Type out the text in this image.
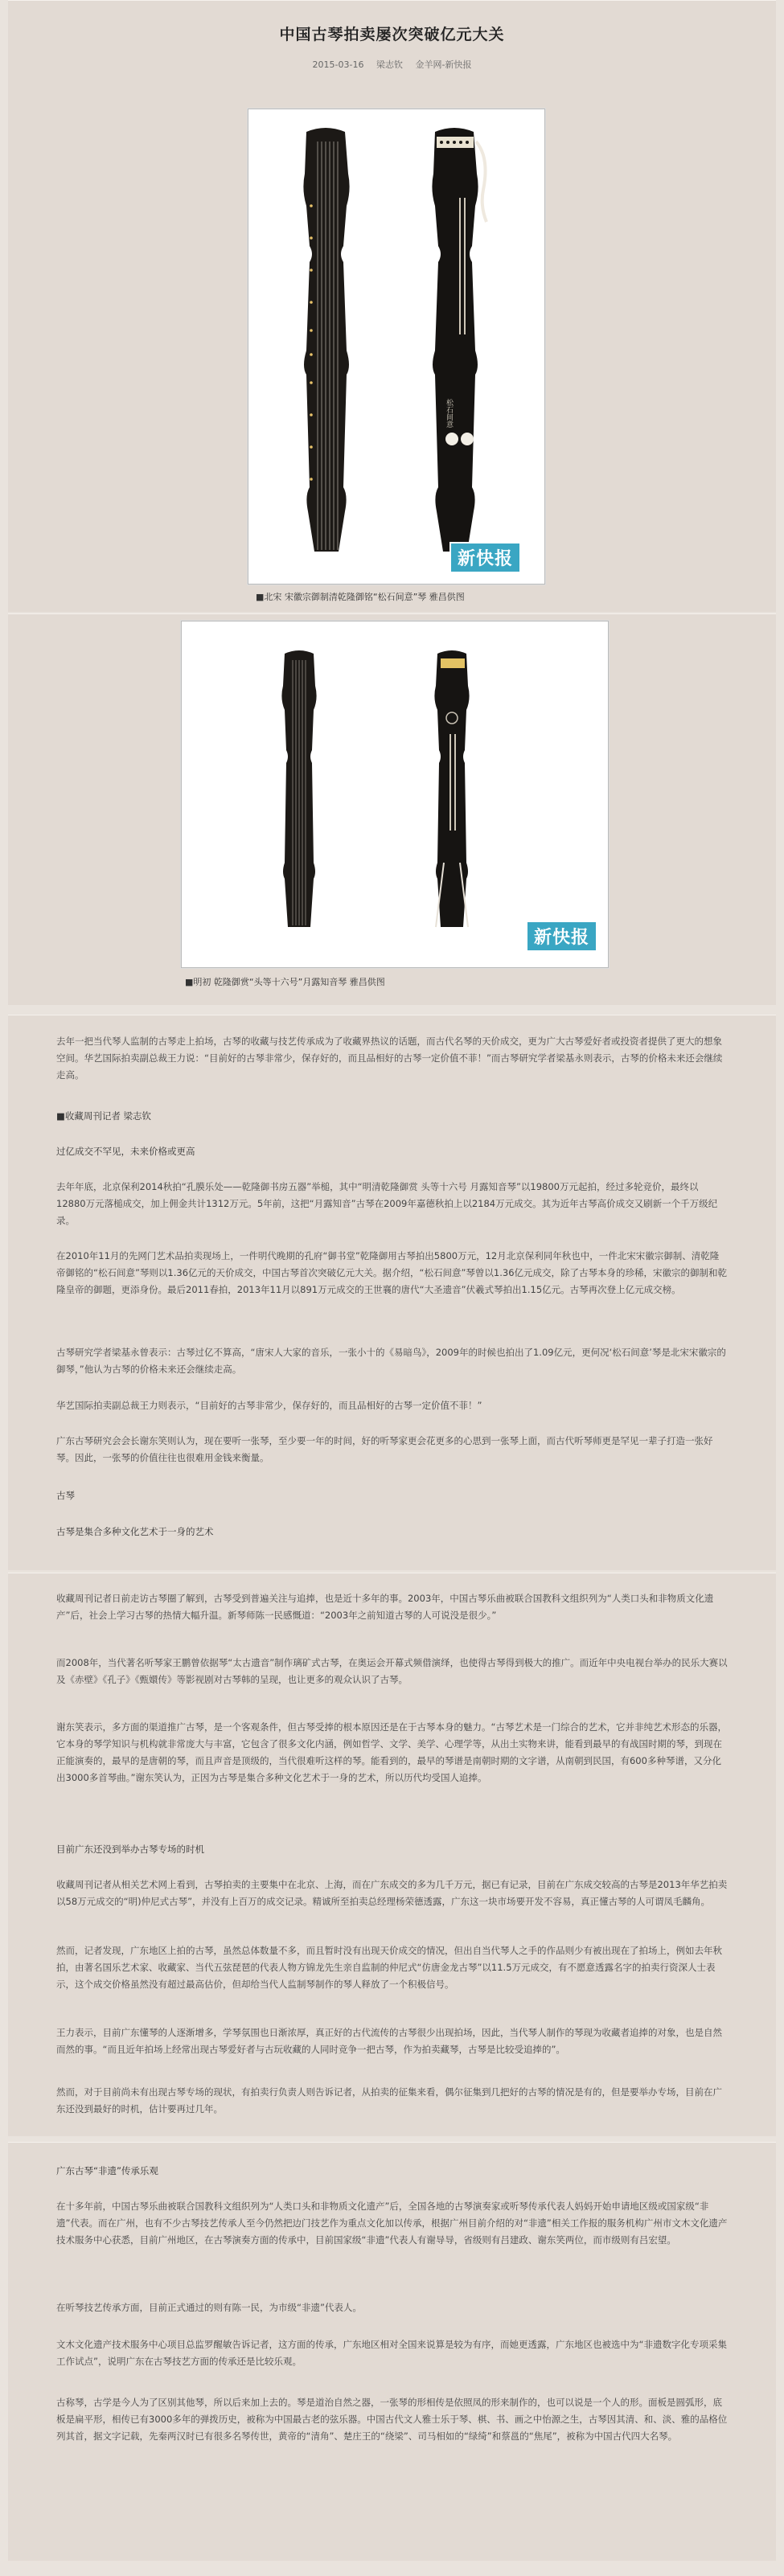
中国古琴拍卖屡次突破亿元大关
2015-03-16 梁志钦 金羊网-新快报
松石间意
新快报
■北宋 宋徽宗御制清乾隆御铭“松石间意”琴 雅昌供图
新快报
■明初 乾隆御赏“头等十六号”月露知音琴 雅昌供图
去年一把当代琴人监制的古琴走上拍场，古琴的收藏与技艺传承成为了收藏界热议的话题，而古代名琴的天价成交，更为广大古琴爱好者或投资者提供了更大的想象空间。华艺国际拍卖副总裁王力说：“目前好的古琴非常少，保存好的，而且品相好的古琴一定价值不菲！”而古琴研究学者梁基永则表示，古琴的价格未来还会继续走高。
■收藏周刊记者 梁志钦
过亿成交不罕见，未来价格或更高
去年年底，北京保利2014秋拍“孔膜乐处——乾隆御书房五器”举槌，其中“明清乾隆御赏 头等十六号 月露知音琴”以19800万元起拍，经过多轮竞价，最终以12880万元落槌成交，加上佣金共计1312万元。5年前，这把“月露知音”古琴在2009年嘉德秋拍上以2184万元成交。其为近年古琴高价成交又刷新一个千万级纪录。
在2010年11月的先网门艺术品拍卖现场上，一件明代晚期的孔府“御书堂”乾隆御用古琴拍出5800万元，12月北京保利同年秋也中，一件北宋宋徽宗御制、清乾隆帝御铭的“松石间意”琴则以1.36亿元的天价成交，中国古琴首次突破亿元大关。据介绍，“松石间意”琴曾以1.36亿元成交，除了古琴本身的珍稀，宋徽宗的御制和乾隆皇帝的御题，更添身份。最后2011春拍，2013年11月以891万元成交的王世襄的唐代“大圣遗音”伏羲式琴拍出1.15亿元。古琴再次登上亿元成交榜。
古琴研究学者梁基永曾表示：古琴过亿不算高，“唐宋人大家的音乐，一张小十的《易暗鸟》，2009年的时候也拍出了1.09亿元，更何况‘松石间意’琴是北宋宋徽宗的御琴，”他认为古琴的价格未来还会继续走高。
华艺国际拍卖副总裁王力则表示，“目前好的古琴非常少，保存好的，而且品相好的古琴一定价值不菲！”
广东古琴研究会会长谢东笑则认为，现在要听一张琴，至少要一年的时间，好的听琴家更会花更多的心思到一张琴上面，而古代听琴师更是罕见一辈子打造一张好琴。因此，一张琴的价值往往也很难用金钱来衡量。
古琴
古琴是集合多种文化艺术于一身的艺术
收藏周刊记者日前走访古琴圈了解到，古琴受到普遍关注与追捧，也是近十多年的事。2003年，中国古琴乐曲被联合国教科文组织列为“人类口头和非物质文化遗产”后，社会上学习古琴的热情大幅升温。新琴师陈一民感慨道：“2003年之前知道古琴的人可说没是很少。”
而2008年，当代著名听琴家王鹏曾依据琴“太古遗音”制作璃矿式古琴，在奥运会开幕式频借演绎，也使得古琴得到极大的推广。而近年中央电视台举办的民乐大赛以及《赤壁》《孔子》《甄嬛传》等影视剧对古琴韩的呈现，也让更多的观众认识了古琴。
谢东笑表示，多方面的渠道推广古琴，是一个客观条件，但古琴受捧的根本原因还是在于古琴本身的魅力。“古琴艺术是一门综合的艺术，它并非纯艺术形态的乐器，它本身的琴学知识与机构就非常庞大与丰富，它包含了很多文化内涵，例如哲学、文学、美学、心理学等，从出土实物来讲，能看到最早的有战国时期的琴，到现在正能演奏的，最早的是唐朝的琴，而且声音是顶级的，当代很难听这样的琴。能看到的，最早的琴谱是南朝时期的文字谱，从南朝到民国，有600多种琴谱，又分化出3000多首琴曲。”谢东笑认为，正因为古琴是集合多种文化艺术于一身的艺术，所以历代均受国人追捧。
目前广东还没到举办古琴专场的时机
收藏周刊记者从相关艺术网上看到，古琴拍卖的主要集中在北京、上海，而在广东成交的多为几千万元，据已有记录，目前在广东成交较高的古琴是2013年华艺拍卖以58万元成交的“明)仲尼式古琴”，并没有上百万的成交记录。精诚所至拍卖总经理杨荣德透露，广东这一块市场要开发不容易，真正懂古琴的人可谓凤毛麟角。
然而，记者发现，广东地区上拍的古琴，虽然总体数量不多，而且暂时没有出现天价成交的情况，但出自当代琴人之手的作品则少有被出现在了拍场上，例如去年秋拍，由著名国乐艺术家、收藏家、当代五弦琵琶的代表人物方锦龙先生亲自监制的仲尼式“仿唐金龙古琴”以11.5万元成交，有不愿意透露名字的拍卖行资深人士表示，这个成交价格虽然没有超过最高估价，但却给当代人监制琴制作的琴人释放了一个积极信号。
王力表示，目前广东懂琴的人逐渐增多，学琴氛围也日渐浓厚，真正好的古代流传的古琴很少出现拍场，因此，当代琴人制作的琴现为收藏者追捧的对象，也是自然而然的事。“而且近年拍场上经常出现古琴爱好者与古玩收藏的人同时竞争一把古琴，作为拍卖藏琴，古琴是比较受追捧的”。
然而，对于目前尚未有出现古琴专场的现状，有拍卖行负责人则告诉记者，从拍卖的征集来看，偶尔征集到几把好的古琴的情况是有的，但是要举办专场，目前在广东还没到最好的时机，估计要再过几年。
广东古琴“非遗”传承乐观
在十多年前，中国古琴乐曲被联合国教科文组织列为“人类口头和非物质文化遗产”后，全国各地的古琴演奏家或听琴传承代表人妈妈开始申请地区级或国家级“非遗”代表。而在广州，也有不少古琴技艺传承人至今仍然把边门技艺作为重点文化加以传承，根据广州目前介绍的对“非遗”相关工作报的服务机构广州市文木文化遗产技术服务中心获悉，目前广州地区，在古琴演奏方面的传承中，目前国家级“非遗”代表人有谢导导，省级则有吕建政、谢东笑两位，而市级则有吕宏望。
在听琴技艺传承方面，目前正式通过的则有陈一民，为市级“非遗”代表人。
文木文化遗产技术服务中心项目总监罗醒敏告诉记者，这方面的传承，广东地区相对全国来说算是较为有序，而她更透露，广东地区也被选中为“非遗数字化专项采集工作试点”，说明广东在古琴技艺方面的传承还是比较乐观。
古称琴，古学是今人为了区别其他琴，所以后来加上去的。琴是道治自然之器，一张琴的形相传是依照凤的形来制作的，也可以说是一个人的形。面板是圆弧形，底板是扁平形，相传已有3000多年的弹拨历史，被称为中国最古老的弦乐器。中国古代文人雅士乐于琴、棋、书、画之中怡源之生，古琴因其清、和、淡、雅的品格位列其首，据文字记载，先秦两汉时已有很多名琴传世，黄帝的“清角”、楚庄王的“绕梁”、司马相如的“绿绮”和蔡邕的“焦尾”，被称为中国古代四大名琴。
